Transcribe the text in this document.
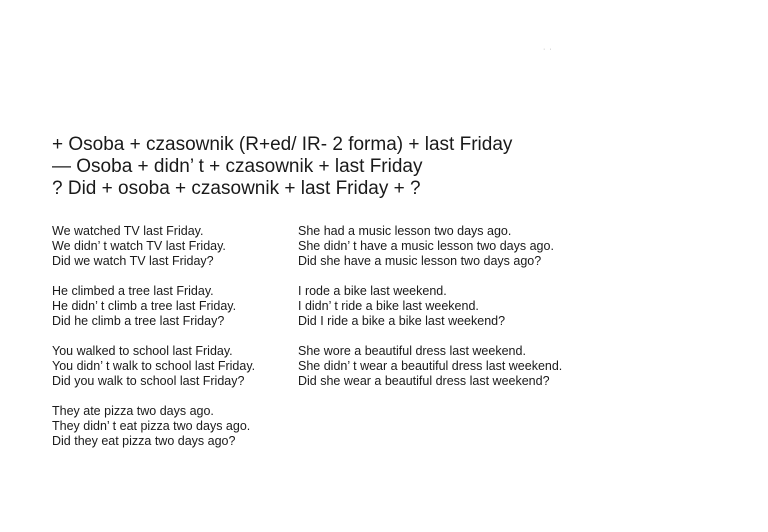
· ·
+ Osoba + czasownik (R+ed/ IR- 2 forma) + last Friday
— Osoba + didn’ t + czasownik + last Friday
? Did + osoba + czasownik + last Friday + ?
We watched TV last Friday.
We didn’ t watch TV last Friday.
Did we watch TV last Friday?
He climbed a tree last Friday.
He didn’ t climb a tree last Friday.
Did he climb a tree last Friday?
You walked to school last Friday.
You didn’ t walk to school last Friday.
Did you walk to school last Friday?
They ate pizza two days ago.
They didn’ t eat pizza two days ago.
Did they eat pizza two days ago?
She had a music lesson two days ago.
She didn’ t have a music lesson two days ago.
Did she have a music lesson two days ago?
I rode a bike last weekend.
I didn’ t ride a bike last weekend.
Did I ride a bike a bike last weekend?
She wore a beautiful dress last weekend.
She didn’ t wear a beautiful dress last weekend.
Did she wear a beautiful dress last weekend?
